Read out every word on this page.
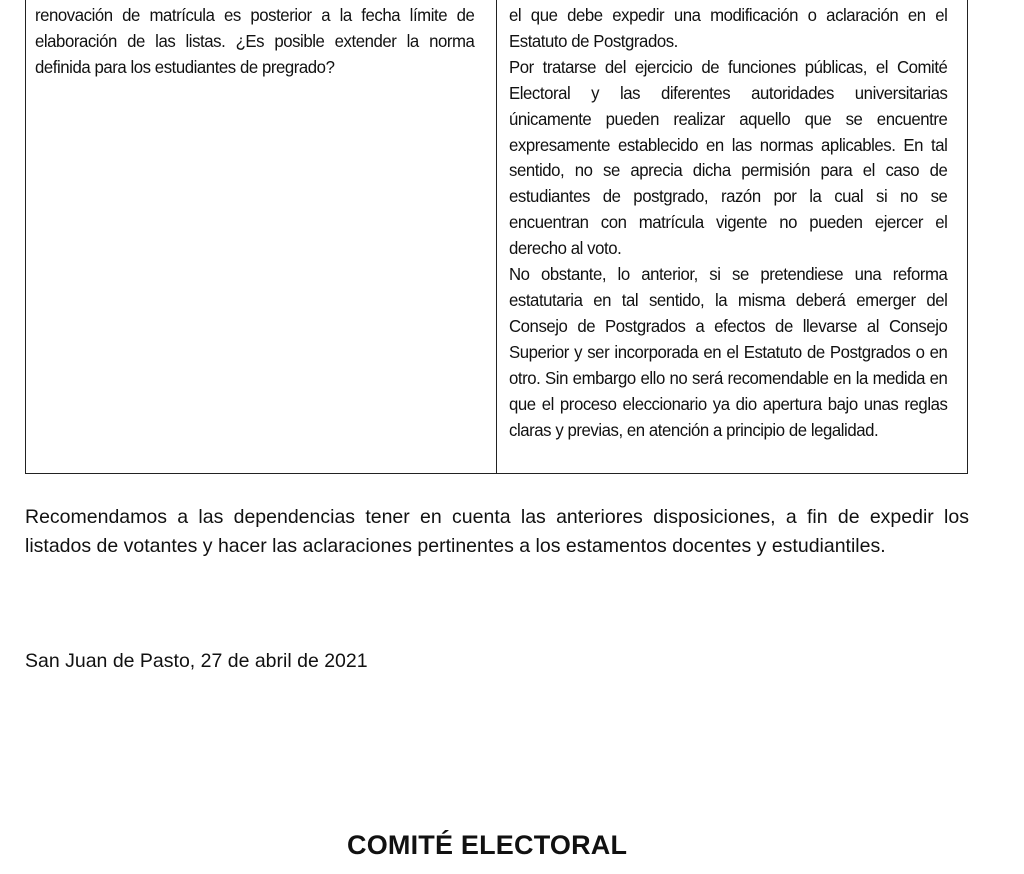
renovación de matrícula es posterior a la fecha límite de elaboración de las listas. ¿Es posible extender la norma definida para los estudiantes de pregrado?
el que debe expedir una modificación o aclaración en el Estatuto de Postgrados.
Por tratarse del ejercicio de funciones públicas, el Comité Electoral y las diferentes autoridades universitarias únicamente pueden realizar aquello que se encuentre expresamente establecido en las normas aplicables. En tal sentido, no se aprecia dicha permisión para el caso de estudiantes de postgrado, razón por la cual si no se encuentran con matrícula vigente no pueden ejercer el derecho al voto.
No obstante, lo anterior, si se pretendiese una reforma estatutaria en tal sentido, la misma deberá emerger del Consejo de Postgrados a efectos de llevarse al Consejo Superior y ser incorporada en el Estatuto de Postgrados o en otro. Sin embargo ello no será recomendable en la medida en que el proceso eleccionario ya dio apertura bajo unas reglas claras y previas, en atención a principio de legalidad.

Recomendamos a las dependencias tener en cuenta las anteriores disposiciones, a fin de expedir los listados de votantes y hacer las aclaraciones pertinentes a los estamentos docentes y estudiantiles.

San Juan de Pasto, 27 de abril de 2021

COMITÉ ELECTORAL
